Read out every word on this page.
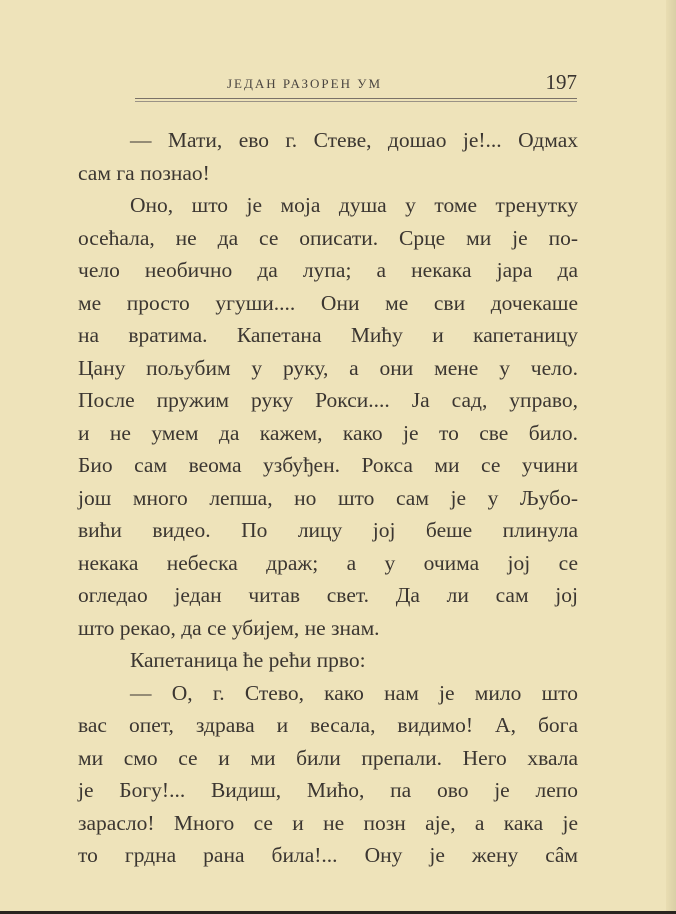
ЈЕДАН РАЗОРЕН УМ	197
— Мати, ево г. Стеве, дошао је!... Одмах
сам га познао!
Оно, што је моја душа у томе тренутку
осећала, не да се описати. Срце ми је по-
чело необично да лупа; а некака јара да
ме просто угуши.... Они ме сви дочекаше
на вратима. Капетана Мићу и капетаницу
Цану пољубим у руку, а они мене у чело.
После пружим руку Рокси.... Ја сад, управо,
и не умем да кажем, како је то све било.
Био сам веома узбуђен. Рокса ми се учини
још много лепша, но што сам је у Љубо-
вићи видео. По лицу јој беше плинула
некака небеска драж; а у очима јој се
огледао један читав свет. Да ли сам јој
што рекао, да се убијем, не знам.
Капетаница ће рећи прво:
— О, г. Стево, како нам је мило што
вас опет, здрава и весала, видимо! А, бога
ми смо се и ми били препали. Него хвала
је Богу!... Видиш, Мићо, па ово је лепо
зарасло! Много се и не позн аје, а кака је
то грдна рана била!... Ону је жену сâм
